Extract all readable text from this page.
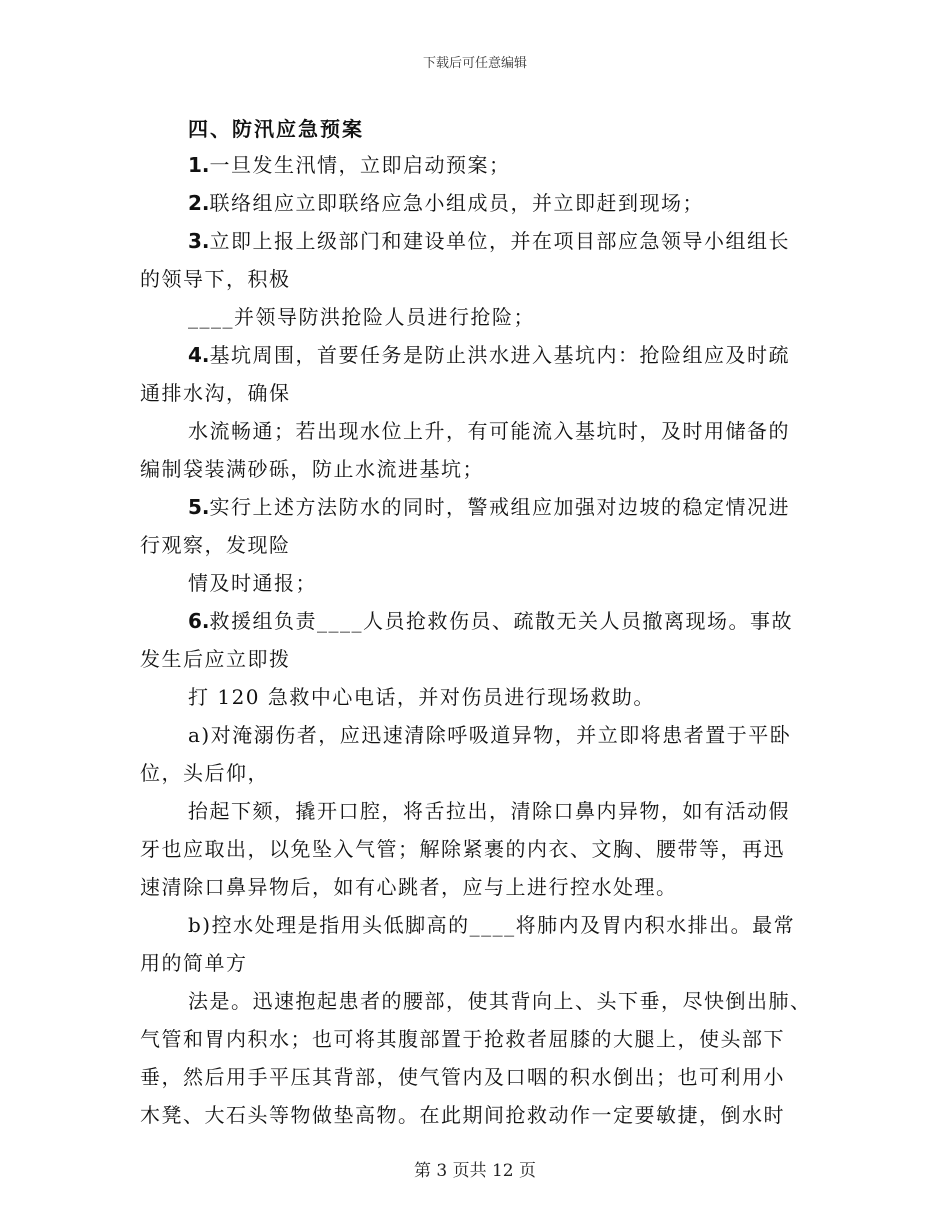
下载后可任意编辑
四、防汛应急预案
1.一旦发生汛情，立即启动预案；
2.联络组应立即联络应急小组成员，并立即赶到现场；
3.立即上报上级部门和建设单位，并在项目部应急领导小组组长
的领导下，积极
____并领导防洪抢险人员进行抢险；
4.基坑周围，首要任务是防止洪水进入基坑内：抢险组应及时疏
通排水沟，确保
水流畅通；若出现水位上升，有可能流入基坑时，及时用储备的
编制袋装满砂砾，防止水流进基坑；
5.实行上述方法防水的同时，警戒组应加强对边坡的稳定情况进
行观察，发现险
情及时通报；
6.救援组负责____人员抢救伤员、疏散无关人员撤离现场。事故
发生后应立即拨
打 120 急救中心电话，并对伤员进行现场救助。
a)对淹溺伤者，应迅速清除呼吸道异物，并立即将患者置于平卧
位，头后仰，
抬起下颏，撬开口腔，将舌拉出，清除口鼻内异物，如有活动假
牙也应取出，以免坠入气管；解除紧裹的内衣、文胸、腰带等，再迅
速清除口鼻异物后，如有心跳者，应与上进行控水处理。
b)控水处理是指用头低脚高的____将肺内及胃内积水排出。最常
用的简单方
法是。迅速抱起患者的腰部，使其背向上、头下垂，尽快倒出肺、
气管和胃内积水；也可将其腹部置于抢救者屈膝的大腿上，使头部下
垂，然后用手平压其背部，使气管内及口咽的积水倒出；也可利用小
木凳、大石头等物做垫高物。在此期间抢救动作一定要敏捷，倒水时
第 3 页共 12 页
